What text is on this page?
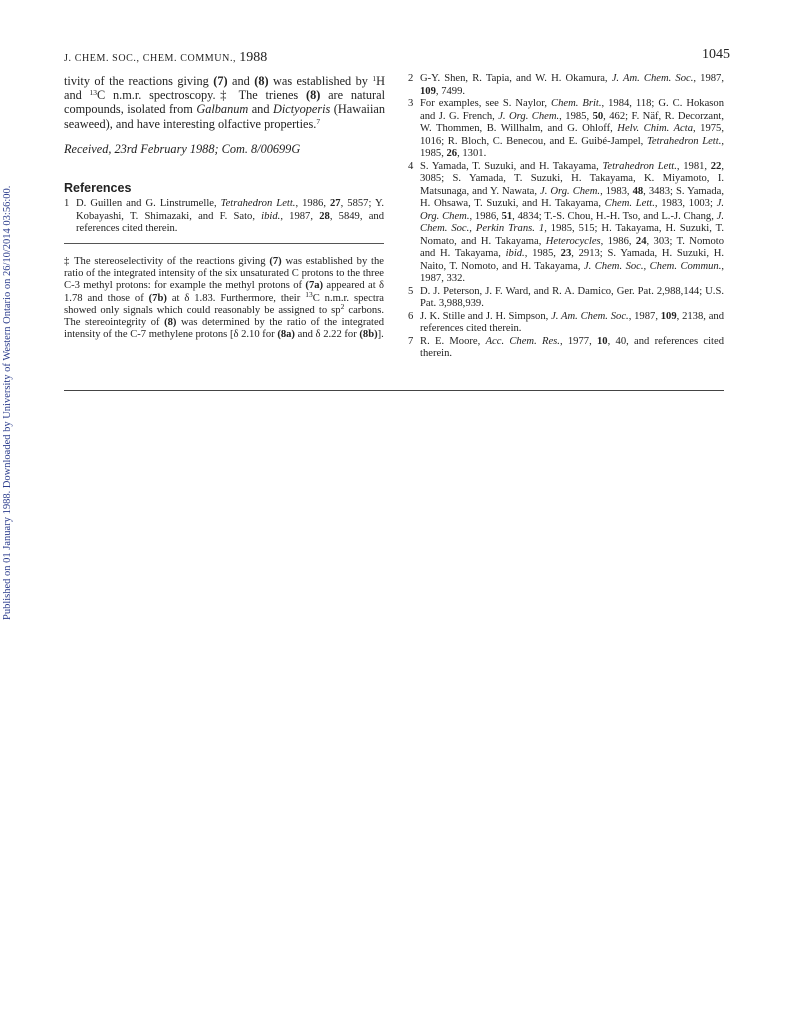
Published on 01 January 1988. Downloaded by University of Western Ontario on 26/10/2014 03:56:00.
J. CHEM. SOC., CHEM. COMMUN., 1988	1045

tivity of the reactions giving (7) and (8) was established by $^1$H and $^{13}$C n.m.r. spectroscopy.‡ The trienes (8) are natural compounds, isolated from Galbanum and Dictyoperis (Hawaiian seaweed), and have interesting olfactive properties.$^7$

Received, 23rd February 1988; Com. 8/00699G
References

1 D. Guillen and G. Linstrumelle, Tetrahedron Lett., 1986, 27, 5857; Y. Kobayashi, T. Shimazaki, and F. Sato, ibid., 1987, 28, 5849, and references cited therein.

‡ The stereoselectivity of the reactions giving (7) was established by the ratio of the integrated intensity of the six unsaturated C protons to the three C-3 methyl protons: for example the methyl protons of (7a) appeared at δ 1.78 and those of (7b) at δ 1.83. Furthermore, their $^{13}$C n.m.r. spectra showed only signals which could reasonably be assigned to $sp^2$ carbons. The stereointegrity of (8) was determined by the ratio of the integrated intensity of the C-7 methylene protons [δ 2.10 for (8a) and δ 2.22 for (8b)].

2 G-Y. Shen, R. Tapia, and W. H. Okamura, J. Am. Chem. Soc., 1987, 109, 7499.

3 For examples, see S. Naylor, Chem. Brit., 1984, 118; G. C. Hokason and J. G. French, J. Org. Chem., 1985, 50, 462; F. Näf, R. Decorzant, W. Thommen, B. Willhalm, and G. Ohloff, Helv. Chim. Acta, 1975, 1016; R. Bloch, C. Benecou, and E. Guibé-Jampel, Tetrahedron Lett., 1985, 26, 1301.

4 S. Yamada, T. Suzuki, and H. Takayama, Tetrahedron Lett., 1981, 22, 3085; S. Yamada, T. Suzuki, H. Takayama, K. Miyamoto, I. Matsunaga, and Y. Nawata, J. Org. Chem., 1983, 48, 3483; S. Yamada, H. Ohsawa, T. Suzuki, and H. Takayama, Chem. Lett., 1983, 1003; J. Org. Chem., 1986, 51, 4834; T.-S. Chou, H.-H. Tso, and L.-J. Chang, J. Chem. Soc., Perkin Trans. 1, 1985, 515; H. Takayama, H. Suzuki, T. Nomato, and H. Takayama, Heterocycles, 1986, 24, 303; T. Nomoto and H. Takayama, ibid., 1985, 23, 2913; S. Yamada, H. Suzuki, H. Naito, T. Nomoto, and H. Takayama, J. Chem. Soc., Chem. Commun., 1987, 332.

5 D. J. Peterson, J. F. Ward, and R. A. Damico, Ger. Pat. 2,988,144; U.S. Pat. 3,988,939.

6 J. K. Stille and J. H. Simpson, J. Am. Chem. Soc., 1987, 109, 2138, and references cited therein.

7 R. E. Moore, Acc. Chem. Res., 1977, 10, 40, and references cited therein.
